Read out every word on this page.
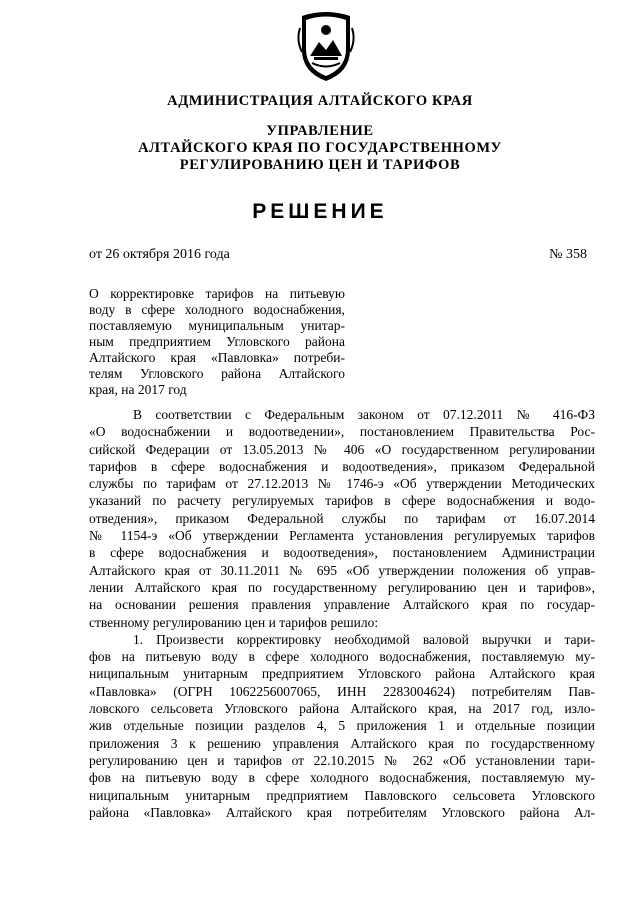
АДМИНИСТРАЦИЯ АЛТАЙСКОГО КРАЯ
УПРАВЛЕНИЕ
АЛТАЙСКОГО КРАЯ ПО ГОСУДАРСТВЕННОМУ
РЕГУЛИРОВАНИЮ ЦЕН И ТАРИФОВ
РЕШЕНИЕ
от 26 октября 2016 года	№ 358
О корректировке тарифов на питьевую
воду в сфере холодного водоснабжения,
поставляемую муниципальным унитар-
ным предприятием Угловского района
Алтайского края «Павловка» потреби-
телям Угловского района Алтайского
края, на 2017 год
В соответствии с Федеральным законом от 07.12.2011 № 416-ФЗ
«О водоснабжении и водоотведении», постановлением Правительства Рос-
сийской Федерации от 13.05.2013 № 406 «О государственном регулировании
тарифов в сфере водоснабжения и водоотведения», приказом Федеральной
службы по тарифам от 27.12.2013 № 1746-э «Об утверждении Методических
указаний по расчету регулируемых тарифов в сфере водоснабжения и водо-
отведения», приказом Федеральной службы по тарифам от 16.07.2014
№ 1154-э «Об утверждении Регламента установления регулируемых тарифов
в сфере водоснабжения и водоотведения», постановлением Администрации
Алтайского края от 30.11.2011 № 695 «Об утверждении положения об управ-
лении Алтайского края по государственному регулированию цен и тарифов»,
на основании решения правления управление Алтайского края по государ-
ственному регулированию цен и тарифов решило:
1. Произвести корректировку необходимой валовой выручки и тари-
фов на питьевую воду в сфере холодного водоснабжения, поставляемую му-
ниципальным унитарным предприятием Угловского района Алтайского края
«Павловка» (ОГРН 1062256007065, ИНН 2283004624) потребителям Пав-
ловского сельсовета Угловского района Алтайского края, на 2017 год, изло-
жив отдельные позиции разделов 4, 5 приложения 1 и отдельные позиции
приложения 3 к решению управления Алтайского края по государственному
регулированию цен и тарифов от 22.10.2015 № 262 «Об установлении тари-
фов на питьевую воду в сфере холодного водоснабжения, поставляемую му-
ниципальным унитарным предприятием Павловского сельсовета Угловского
района «Павловка» Алтайского края потребителям Угловского района Ал-
